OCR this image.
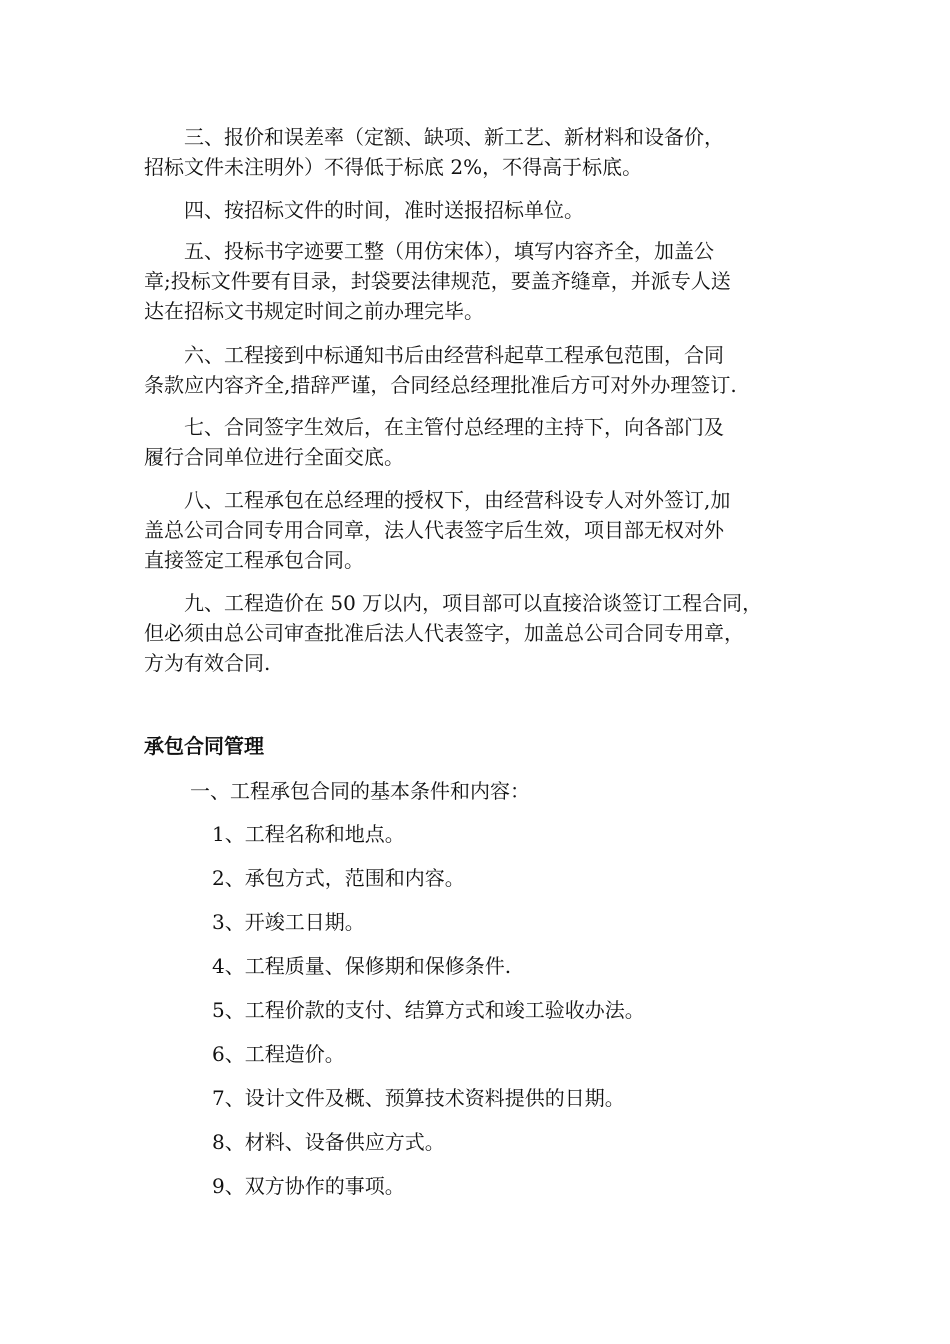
　　三、报价和误差率（定额、缺项、新工艺、新材料和设备价，
招标文件未注明外）不得低于标底 2%，不得高于标底。

　　四、按招标文件的时间，准时送报招标单位。

　　五、投标书字迹要工整（用仿宋体），填写内容齐全，加盖公
章;投标文件要有目录，封袋要法律规范，要盖齐缝章，并派专人送
达在招标文书规定时间之前办理完毕。

　　六、工程接到中标通知书后由经营科起草工程承包范围，合同
条款应内容齐全,措辞严谨，合同经总经理批准后方可对外办理签订.

　　七、合同签字生效后，在主管付总经理的主持下，向各部门及
履行合同单位进行全面交底。

　　八、工程承包在总经理的授权下，由经营科设专人对外签订,加
盖总公司合同专用合同章，法人代表签字后生效，项目部无权对外
直接签定工程承包合同。

　　九、工程造价在 50 万以内，项目部可以直接洽谈签订工程合同，
但必须由总公司审查批准后法人代表签字，加盖总公司合同专用章，
方为有效合同.

承包合同管理

一、工程承包合同的基本条件和内容：

1、工程名称和地点。

2、承包方式，范围和内容。

3、开竣工日期。

4、工程质量、保修期和保修条件.

5、工程价款的支付、结算方式和竣工验收办法。

6、工程造价。

7、设计文件及概、预算技术资料提供的日期。

8、材料、设备供应方式。

9、双方协作的事项。
